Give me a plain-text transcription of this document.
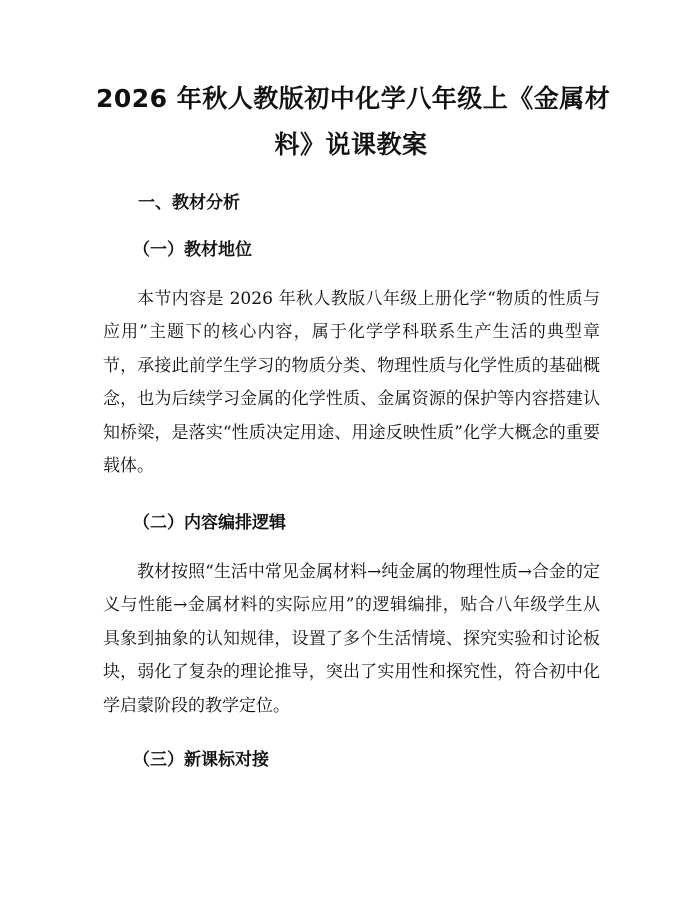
2026 年秋人教版初中化学八年级上《金属材
料》说课教案
一、教材分析
（一）教材地位

本节内容是 2026 年秋人教版八年级上册化学“物质的性质与应用”主题下的核心内容，属于化学学科联系生产生活的典型章节，承接此前学生学习的物质分类、物理性质与化学性质的基础概念，也为后续学习金属的化学性质、金属资源的保护等内容搭建认知桥梁，是落实“性质决定用途、用途反映性质”化学大概念的重要载体。

（二）内容编排逻辑

教材按照“生活中常见金属材料→纯金属的物理性质→合金的定义与性能→金属材料的实际应用”的逻辑编排，贴合八年级学生从具象到抽象的认知规律，设置了多个生活情境、探究实验和讨论板块，弱化了复杂的理论推导，突出了实用性和探究性，符合初中化学启蒙阶段的教学定位。

（三）新课标对接
